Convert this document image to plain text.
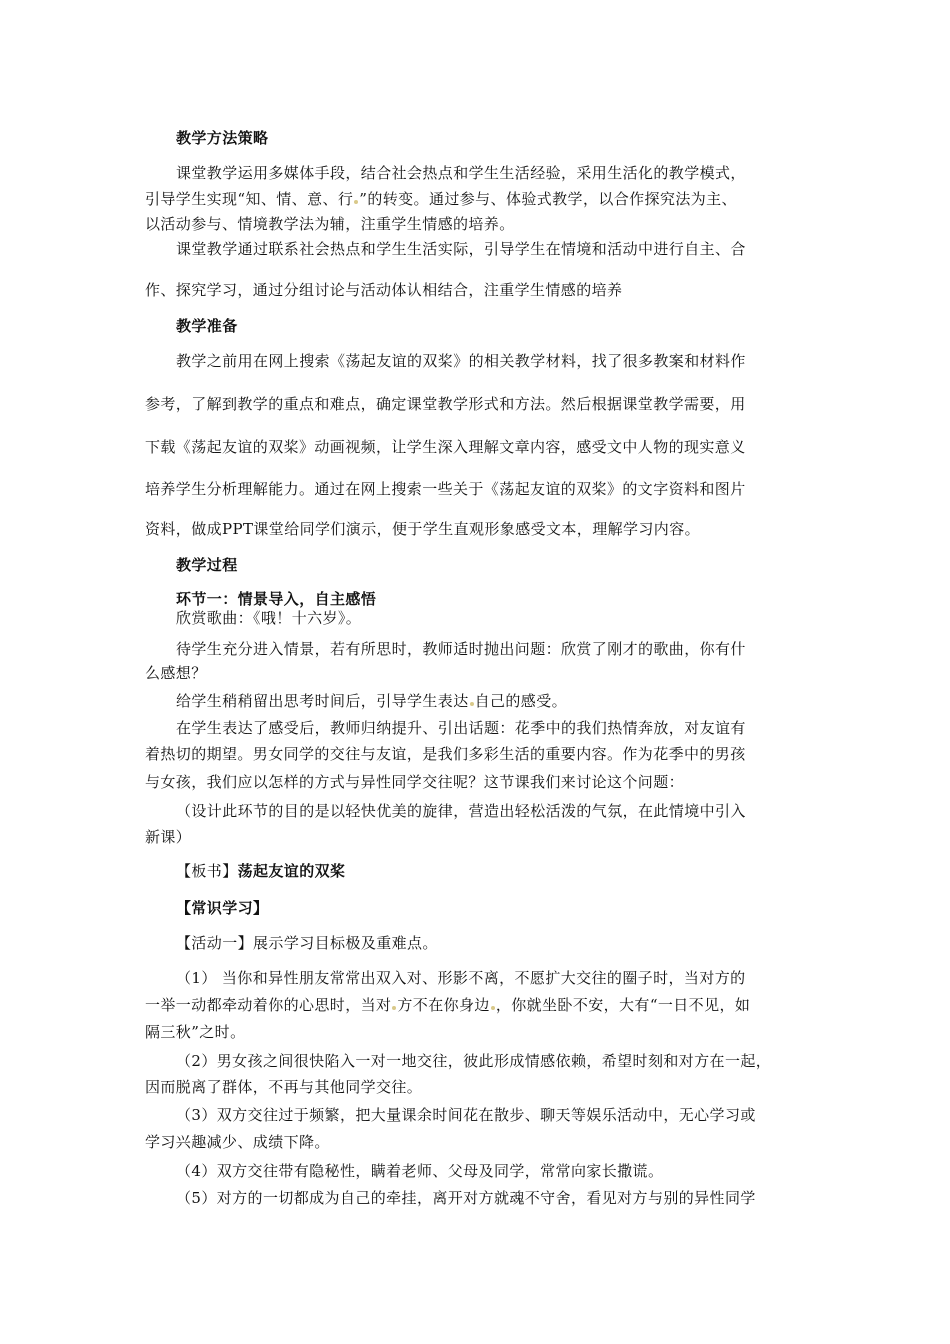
教学方法策略
课堂教学运用多媒体手段，结合社会热点和学生生活经验，采用生活化的教学模式，
引导学生实现“知、情、意、行 ”的转变。通过参与、体验式教学，以合作探究法为主、
以活动参与、情境教学法为辅，注重学生情感的培养。
课堂教学通过联系社会热点和学生生活实际，引导学生在情境和活动中进行自主、合
作、探究学习，通过分组讨论与活动体认相结合，注重学生情感的培养
教学准备
教学之前用在网上搜索《荡起友谊的双桨》的相关教学材料，找了很多教案和材料作
参考，了解到教学的重点和难点，确定课堂教学形式和方法。然后根据课堂教学需要，用
下载《荡起友谊的双桨》动画视频，让学生深入理解文章内容，感受文中人物的现实意义
培养学生分析理解能力。通过在网上搜索一些关于《荡起友谊的双桨》的文字资料和图片
资料，做成PPT课堂给同学们演示，便于学生直观形象感受文本，理解学习内容。
教学过程
环节一：情景导入，自主感悟
欣赏歌曲：《哦！十六岁》。
待学生充分进入情景，若有所思时，教师适时抛出问题：欣赏了刚才的歌曲，你有什
么感想？
给学生稍稍留出思考时间后，引导学生表达 自己的感受。
在学生表达了感受后，教师归纳提升、引出话题：花季中的我们热情奔放，对友谊有
着热切的期望。男女同学的交往与友谊，是我们多彩生活的重要内容。作为花季中的男孩
与女孩，我们应以怎样的方式与异性同学交往呢？这节课我们来讨论这个问题：
（设计此环节的目的是以轻快优美的旋律，营造出轻松活泼的气氛，在此情境中引入
新课）
【板书】荡起友谊的双桨
【常识学习】
【活动一】展示学习目标极及重难点。
（1） 当你和异性朋友常常出双入对、形影不离，不愿扩大交往的圈子时，当对方的
一举一动都牵动着你的心思时，当对 方不在你身边 ，你就坐卧不安，大有“一日不见，如
隔三秋”之时。
（2）男女孩之间很快陷入一对一地交往，彼此形成情感依赖，希望时刻和对方在一起，
因而脱离了群体，不再与其他同学交往。
（3）双方交往过于频繁，把大量课余时间花在散步、聊天等娱乐活动中，无心学习或
学习兴趣减少、成绩下降。
（4）双方交往带有隐秘性，瞒着老师、父母及同学，常常向家长撒谎。
（5）对方的一切都成为自己的牵挂，离开对方就魂不守舍，看见对方与别的异性同学
